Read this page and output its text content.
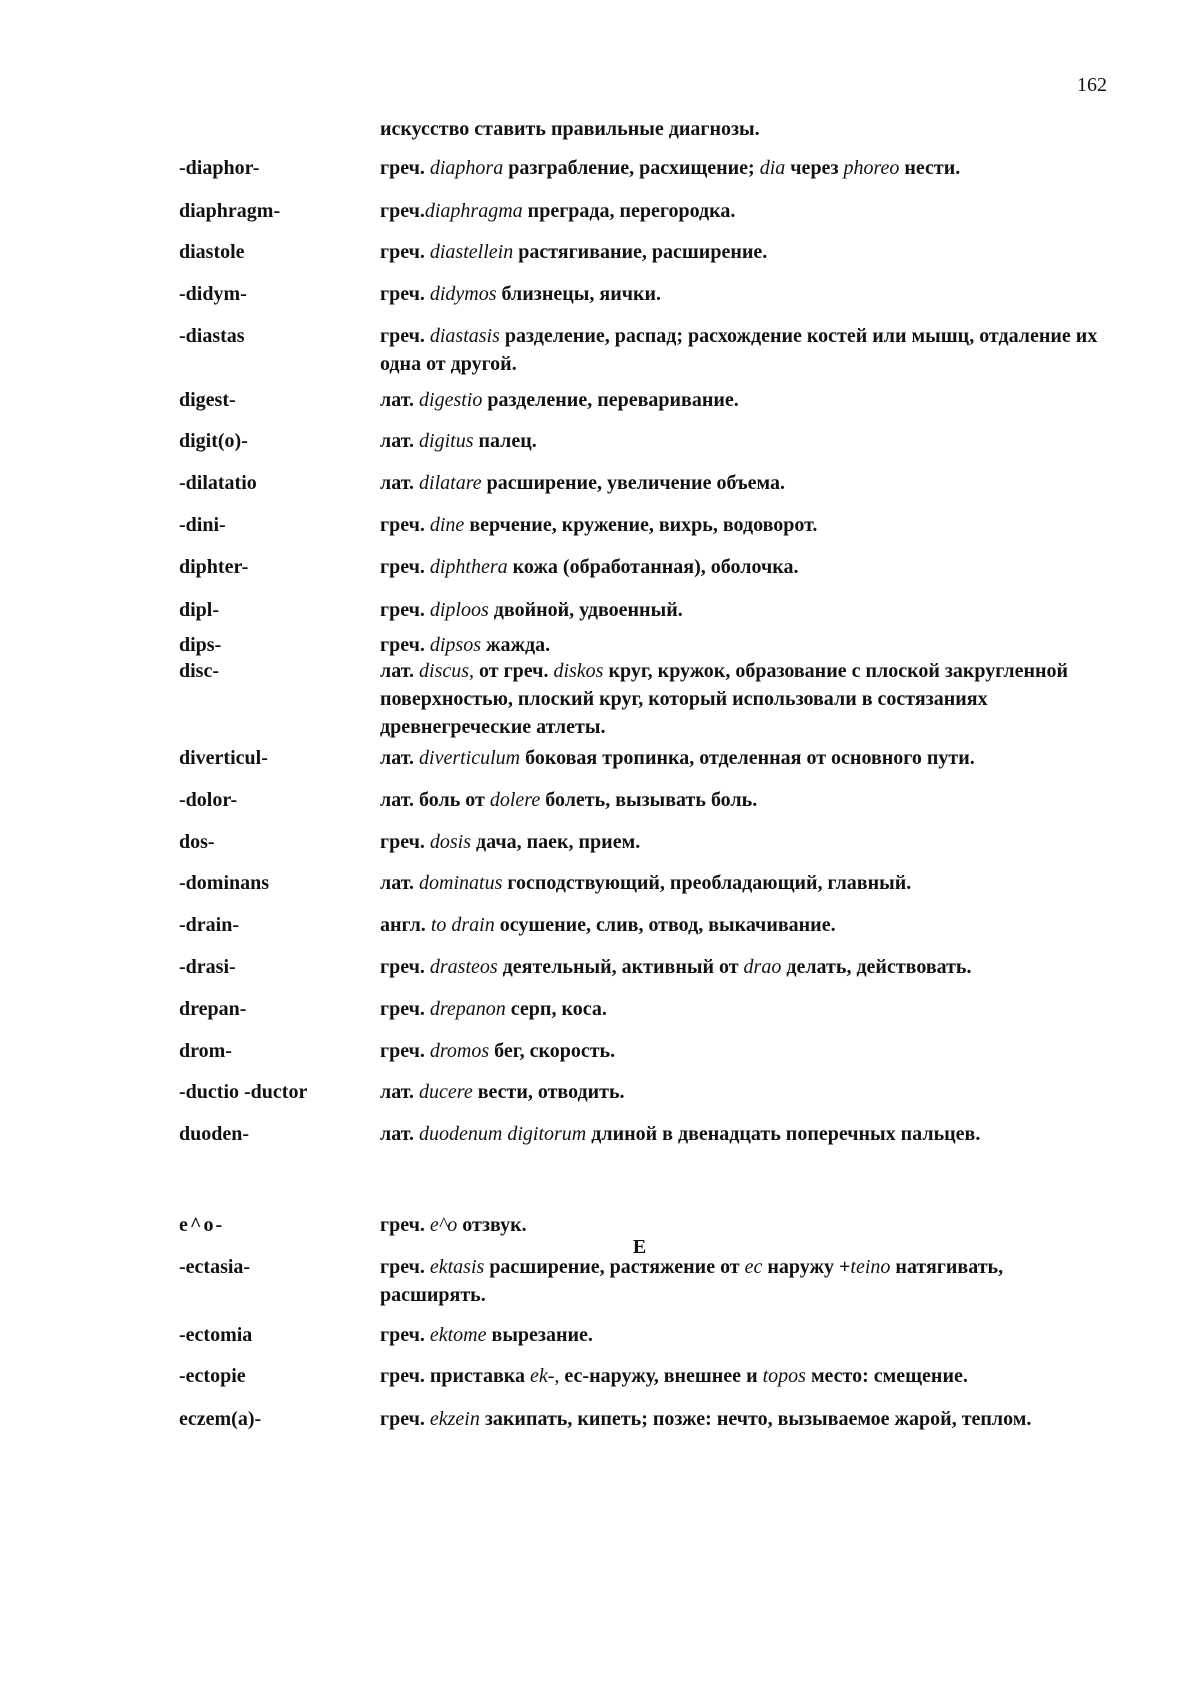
162
искусство ставить правильные диагнозы.
E
-diaphor-	греч. diaphora разграбление, расхищение; dia через phoreo нести.
diaphragm-	греч.diaphragma преграда, перегородка.
diastole	греч. diastellein растягивание, расширение.
-didym-	греч. didymos близнецы, яички.
-diastas	греч. diastasis разделение, распад; расхождение костей или мышц, отдаление их одна от другой.
digest-	лат. digestio разделение, переваривание.
digit(o)-	лат. digitus палец.
-dilatatio	лат. dilatare расширение, увеличение объема.
-dini-	греч. dine верчение, кружение, вихрь, водоворот.
diphter-	греч. diphthera кожа (обработанная), оболочка.
dipl-	греч. diploos двойной, удвоенный.
dips-	греч. dipsos жажда.
disc-	лат. discus, от греч. diskos круг, кружок, образование с плоской закругленной поверхностью, плоский круг, который использовали в состязаниях древнегреческие атлеты.
diverticul-	лат. diverticulum боковая тропинка, отделенная от основного пути.
-dolor-	лат. боль от dolere болеть, вызывать боль.
dos-	греч. dosis дача, паек, прием.
-dominans	лат. dominatus господствующий, преобладающий, главный.
-drain-	англ. to drain осушение, слив, отвод, выкачивание.
-drasi-	греч. drasteos деятельный, активный от drao делать, действовать.
drepan-	греч. drepanon серп, коса.
drom-	греч. dromos бег, скорость.
-ductio -ductor	лат. ducere вести, отводить.
duoden-	лат. duodenum digitorum длиной в двенадцать поперечных пальцев.
e^o-	греч. e^o отзвук.
-ectasia-	греч. ektasis расширение, растяжение от ec наружу +teino натягивать, расширять.
-ectomia	греч. ektome вырезание.
-ectopie	греч. приставка ek-, ес-наружу, внешнее и topos место: смещение.
eczem(a)-	греч. ekzein закипать, кипеть; позже: нечто, вызываемое жарой, теплом.
